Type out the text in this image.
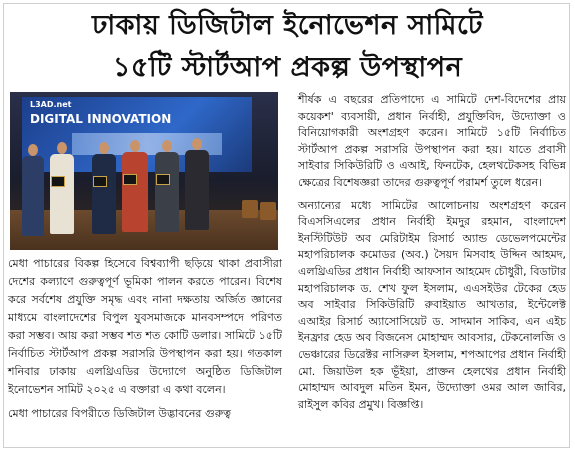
ঢাকায় ডিজিটাল ইনোভেশন সামিটে
১৫টি স্টার্টআপ প্রকল্প উপস্থাপন
L3AD.net
DIGITAL INNOVATION

মেধা পাচারের বিকল্প হিসেবে বিশ্বব্যাপী ছড়িয়ে থাকা প্রবাসীরা দেশের কল্যাণে গুরুত্বপূর্ণ ভূমিকা পালন করতে পারেন। বিশেষ করে সর্বশেষ প্রযুক্তি সমৃদ্ধ এবং নানা দক্ষতায় অর্জিত জ্ঞানের মাধ্যমে বাংলাদেশের বিপুল যুবসমাজকে মানবসম্পদে পরিণত করা সম্ভব। আয় করা সম্ভব শত শত কোটি ডলার। সামিটে ১৫টি নির্বাচিত স্টার্টআপ প্রকল্প সরাসরি উপস্থাপন করা হয়। গতকাল শনিবার ঢাকায় এলথ্রিএডির উদ্যোগে অনুষ্ঠিত ডিজিটাল ইনোভেশন সামিট ২০২৫ এ বক্তারা এ কথা বলেন।

মেধা পাচারের বিপরীতে ডিজিটাল উদ্ভাবনের গুরুত্ব

শীর্ষক এ বছরের প্রতিপাদ্যে এ সামিটে দেশ-বিদেশের প্রায় কয়েকশ' ব্যবসায়ী, প্রধান নির্বাহী, প্রযুক্তিবিদ, উদ্যোক্তা ও বিনিয়োগকারী অংশগ্রহণ করেন। সামিটে ১৫টি নির্বাচিত স্টার্টআপ প্রকল্প সরাসরি উপস্থাপন করা হয়। যাতে প্রবাসী সাইবার সিকিউরিটি ও এআই, ফিনটেক, হেলথটেকসহ বিভিন্ন ক্ষেত্রের বিশেষজ্ঞরা তাদের গুরুত্বপূর্ণ পরামর্শ তুলে ধরেন।

অন্যান্যের মধ্যে সামিটের আলোচনায় অংশগ্রহণ করেন বিএসসিএলের প্রধান নির্বাহী ইমদুর রহমান, বাংলাদেশ ইনস্টিটিউট অব মেরিটাইম রিসার্চ অ্যান্ড ডেভেলপমেন্টের মহাপরিচালক কমোডর (অব.) সৈয়দ মিসবাহ উদ্দিন আহমদ, এলথ্রিএডির প্রধান নির্বাহী আফসান আহমেদ চৌধুরী, বিডাটার মহাপরিচালক ড. শেখ ফুল ইসলাম, এএসইউর টেকের হেড অব সাইবার সিকিউরিটি রুবাইয়াত আখতার, ইন্টেলেক্ট এআইর রিসার্চ অ্যাসোসিয়েট ড. সাদমান সাকিব, এন এইচ ইনফ্রার হেড অব বিজনেস মোহাম্মদ আবসার, টেকনোলজি ও ভেঞ্চারের ডিরেক্টর নাসিরুল ইসলাম, শপআপের প্রধান নির্বাহী মো. জিয়াউল হক ভূঁইয়া, প্রাক্তন হেলথের প্রধান নির্বাহী মোহাম্মদ আবদুল মতিন ইমন, উদ্যোক্তা ওমর আল জাবির, রাইসুল কবির প্রমুখ। বিজ্ঞপ্তি।
